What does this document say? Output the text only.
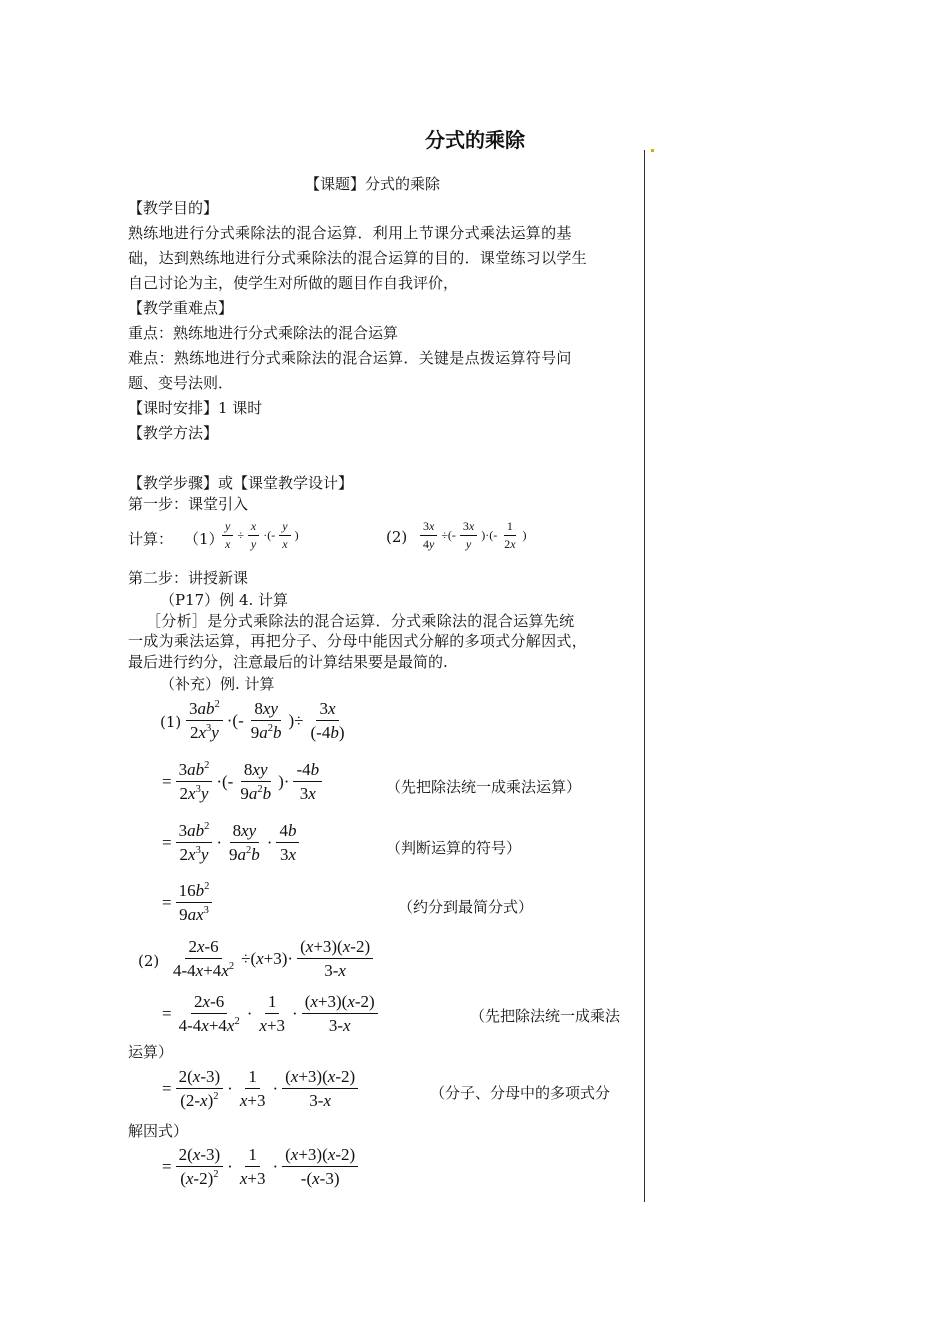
分式的乘除
【课题】分式的乘除
【教学目的】
熟练地进行分式乘除法的混合运算．利用上节课分式乘法运算的基
础，达到熟练地进行分式乘除法的混合运算的目的．课堂练习以学生
自己讨论为主，使学生对所做的题目作自我评价，
【教学重难点】
重点：熟练地进行分式乘除法的混合运算
难点：熟练地进行分式乘除法的混合运算．关键是点拨运算符号问
题、变号法则．
【课时安排】1 课时
【教学方法】
【教学步骤】或【课堂教学设计】
第一步：课堂引入
计算： （1）
$\frac{y}{x} \div \frac{x}{y}$ ·(- $\frac{y}{x}$ )	$(2) \frac{3x}{4y}$ ÷(- $\frac{3x}{y}$ )·(- $\frac{1}{2x}$ )
第二步：讲授新课
（P17）例 4. 计算
［分析］是分式乘除法的混合运算．分式乘除法的混合运算先统
一成为乘法运算，再把分子、分母中能因式分解的多项式分解因式，
最后进行约分，注意最后的计算结果要是最简的.
（补充）例. 计算
$(1) \frac{3ab^2}{2x^3y}$ ·(- $\frac{8xy}{9a^2b}$ )÷ $\frac{3x}{(-4b)}$
= $\frac{3ab^2}{2x^3y}$ ·(- $\frac{8xy}{9a^2b}$ )· $\frac{-4b}{3x}$	（先把除法统一成乘法运算）
= $\frac{3ab^2}{2x^3y} \cdot \frac{8xy}{9a^2b} \cdot \frac{4b}{3x}$	（判断运算的符号）
= $\frac{16b^2}{9ax^3}$	（约分到最简分式）
$(2) \frac{2x-6}{4-4x+4x^2} \div(x+3)\cdot \frac{(x+3)(x-2)}{3-x}$
= $\frac{2x-6}{4-4x+4x^2} \cdot \frac{1}{x+3} \cdot \frac{(x+3)(x-2)}{3-x}$	（先把除法统一成乘法
运算）
= $\frac{2(x-3)}{(2-x)^2} \cdot \frac{1}{x+3} \cdot \frac{(x+3)(x-2)}{3-x}$	（分子、分母中的多项式分
解因式）
= $\frac{2(x-3)}{(x-2)^2} \cdot \frac{1}{x+3} \cdot \frac{(x+3)(x-2)}{-(x-3)}$
